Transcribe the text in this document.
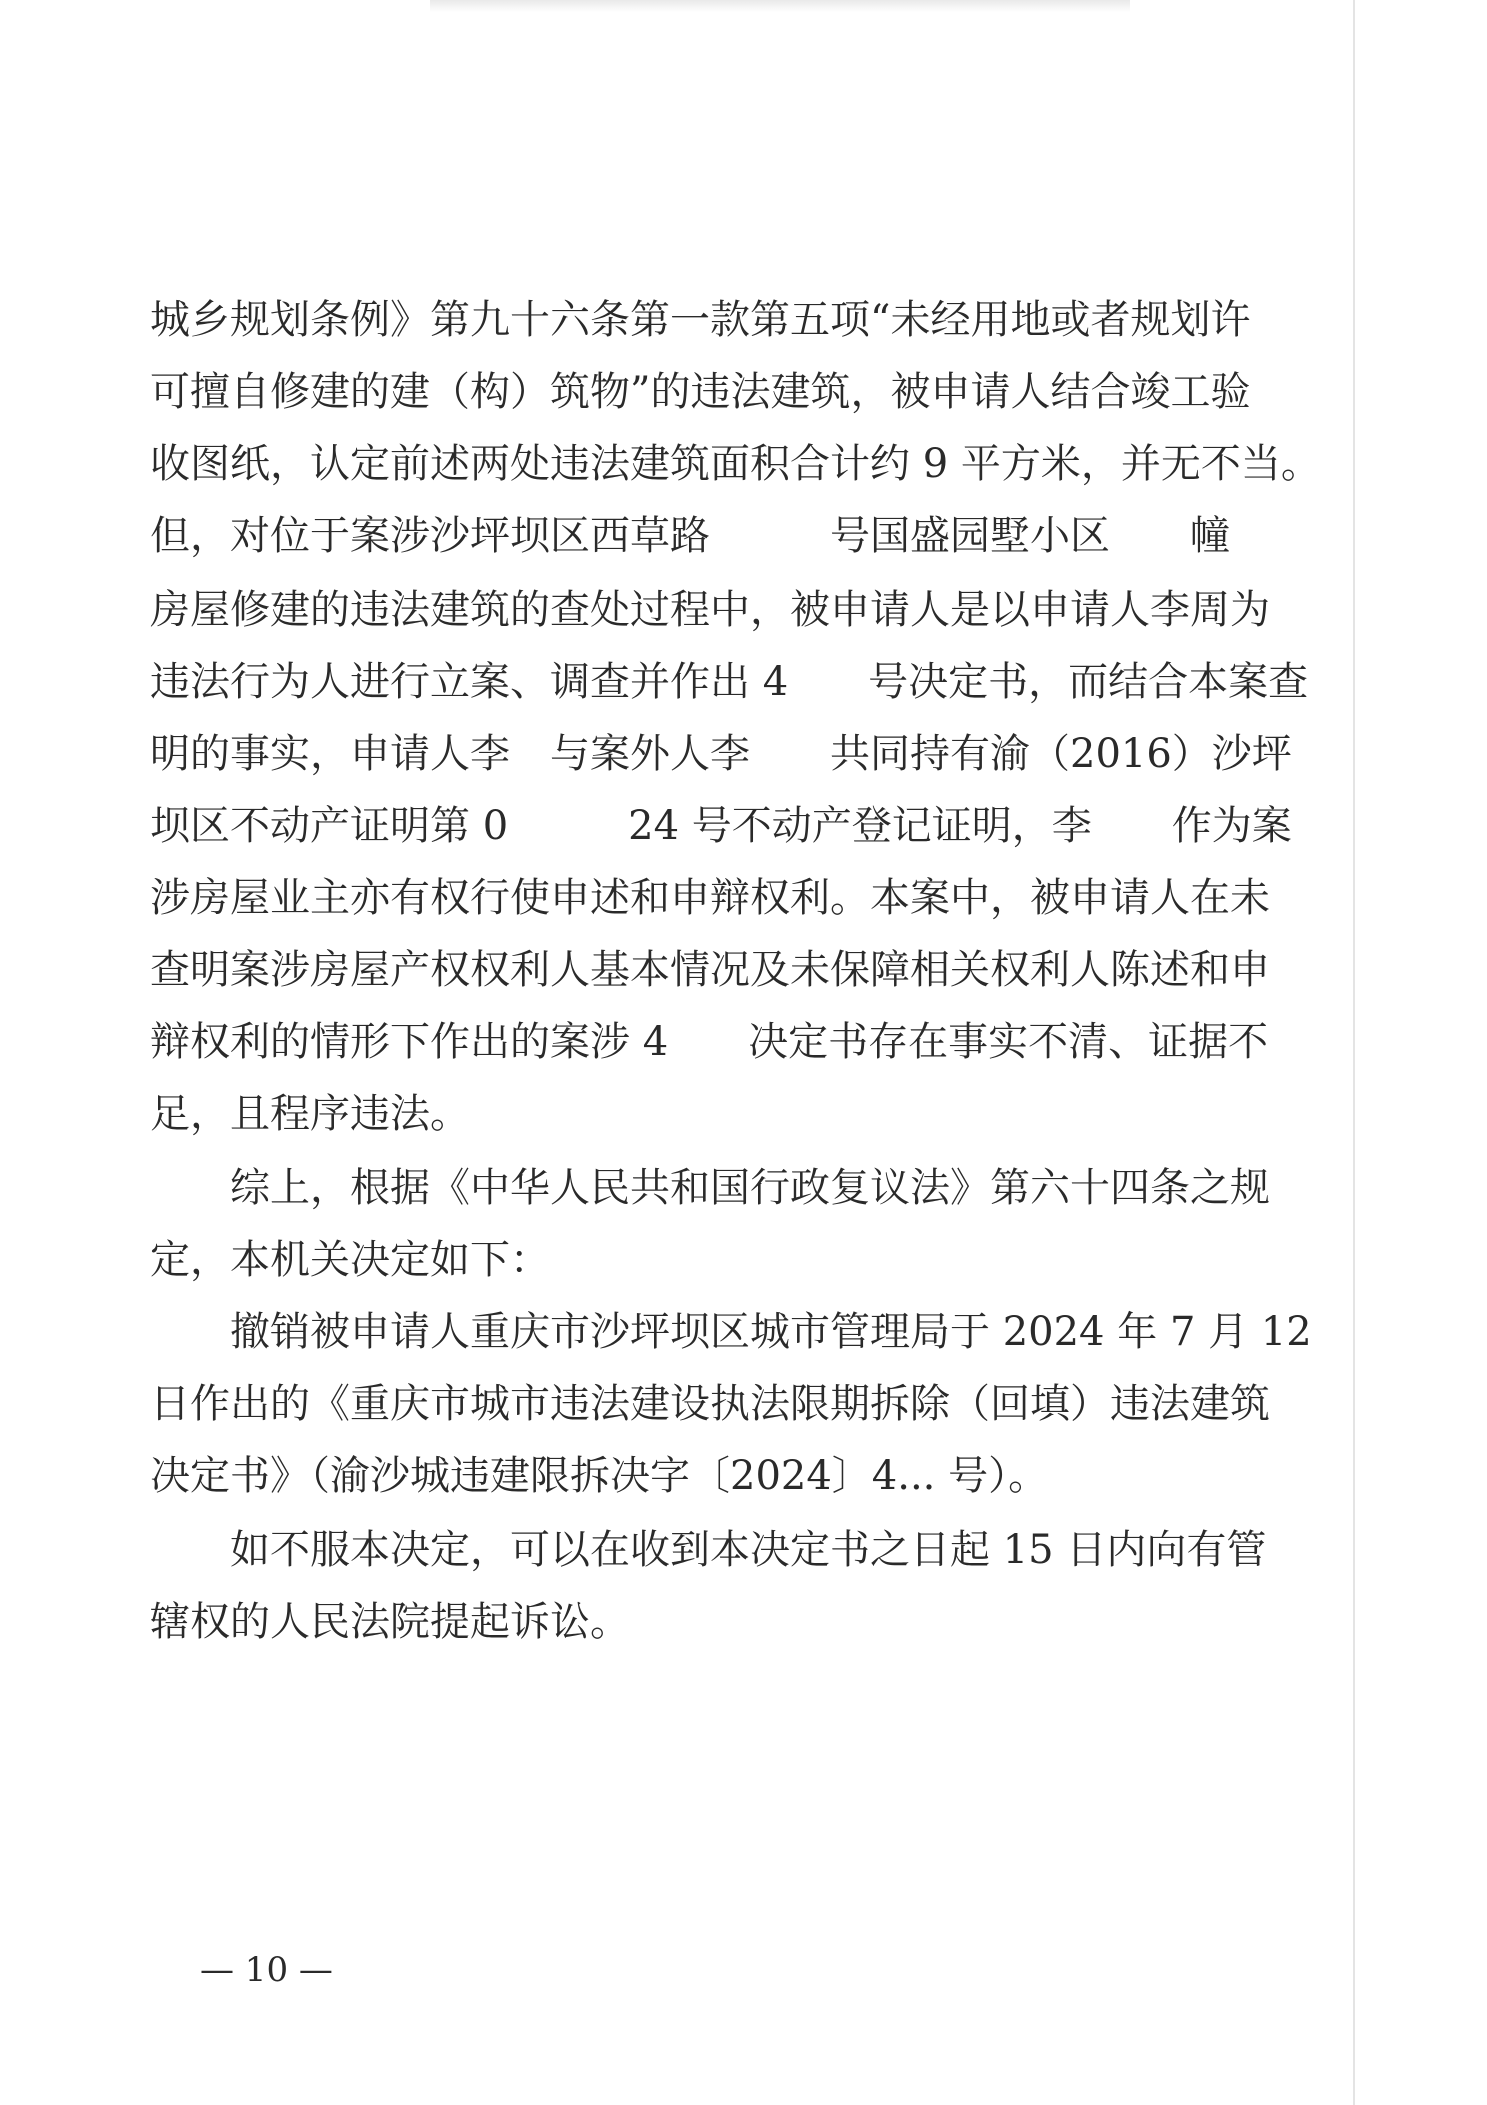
城乡规划条例》第九十六条第一款第五项“未经用地或者规划许
可擅自修建的建（构）筑物”的违法建筑，被申请人结合竣工验
收图纸，认定前述两处违法建筑面积合计约 9 平方米，并无不当。
但，对位于案涉沙坪坝区西草路　　　号国盛园墅小区　　幢
房屋修建的违法建筑的查处过程中，被申请人是以申请人李周为
违法行为人进行立案、调查并作出 4　　号决定书，而结合本案查
明的事实，申请人李　与案外人李　　共同持有渝（2016）沙坪
坝区不动产证明第 0　　　24 号不动产登记证明，李　　作为案
涉房屋业主亦有权行使申述和申辩权利。本案中，被申请人在未
查明案涉房屋产权权利人基本情况及未保障相关权利人陈述和申
辩权利的情形下作出的案涉 4　　决定书存在事实不清、证据不
足，且程序违法。
　　综上，根据《中华人民共和国行政复议法》第六十四条之规
定，本机关决定如下：
　　撤销被申请人重庆市沙坪坝区城市管理局于 2024 年 7 月 12
日作出的《重庆市城市违法建设执法限期拆除（回填）违法建筑
决定书》（渝沙城违建限拆决字〔2024〕4... 号）。
　　如不服本决定，可以在收到本决定书之日起 15 日内向有管
辖权的人民法院提起诉讼。
— 10 —
